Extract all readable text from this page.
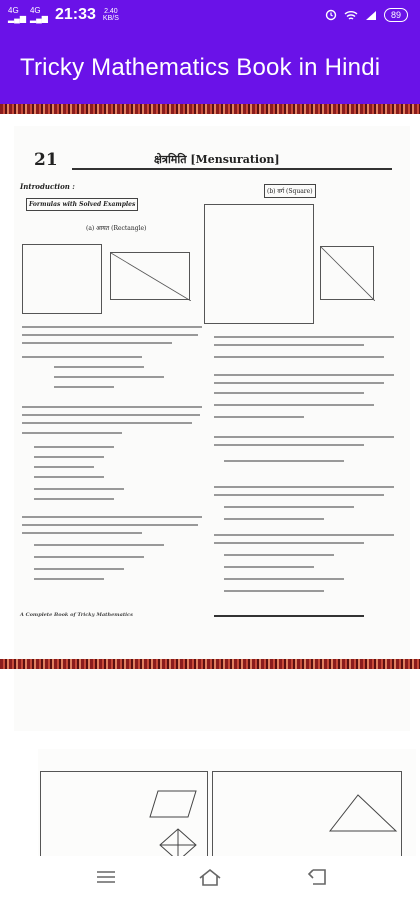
4G
▂▄▆
4G
▂▄▆ 21:33	2.40 KB/S	89
Tricky Mathematics Book in Hindi
21	क्षेत्रमिति [Mensuration]
Introduction :
Formulas with Solved Examples
(a) आयत (Rectangle)
(b) वर्ग (Square)
A Complete Book of Tricky Mathematics
